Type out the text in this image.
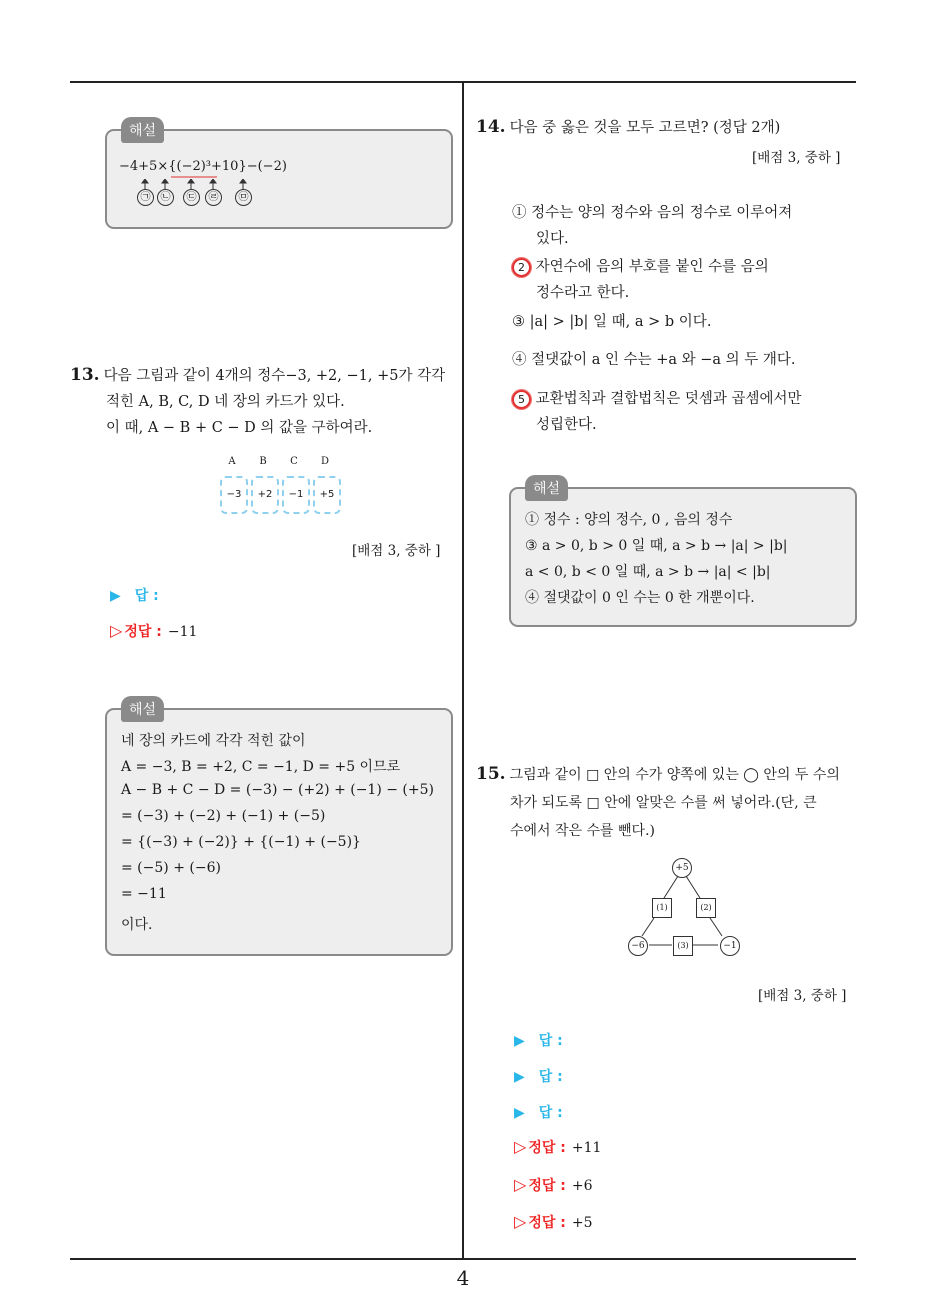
4
해설
−4+5×{(−2)³+10}−(−2)
㉠	㉡	㉢	㉣	㉤
13. 다음 그림과 같이 4개의 정수−3, +2, −1, +5가 각각
적힌 A, B, C, D 네 장의 카드가 있다.
이 때, A − B + C − D 의 값을 구하여라.
A	B	C	D
−3	+2	−1	+5
[배점 3, 중하 ]
▶ 답 :
▷ 정답 : −11
해설
네 장의 카드에 각각 적힌 값이
A = −3, B = +2, C = −1, D = +5 이므로
A − B + C − D = (−3) − (+2) + (−1) − (+5)
= (−3) + (−2) + (−1) + (−5)
= {(−3) + (−2)} + {(−1) + (−5)}
= (−5) + (−6)
= −11
이다.
14. 다음 중 옳은 것을 모두 고르면? (정답 2개)
[배점 3, 중하 ]
① 정수는 양의 정수와 음의 정수로 이루어져
있다.
2 자연수에 음의 부호를 붙인 수를 음의
정수라고 한다.
③ |a| > |b| 일 때, a > b 이다.
④ 절댓값이 a 인 수는 +a 와 −a 의 두 개다.
5 교환법칙과 결합법칙은 덧셈과 곱셈에서만
성립한다.
해설
① 정수 : 양의 정수, 0 , 음의 정수
③ a > 0, b > 0 일 때, a > b → |a| > |b|
a < 0, b < 0 일 때, a > b → |a| < |b|
④ 절댓값이 0 인 수는 0 한 개뿐이다.
15. 그림과 같이 □ 안의 수가 양쪽에 있는 ◯ 안의 두 수의
차가 되도록 □ 안에 알맞은 수를 써 넣어라.(단, 큰
수에서 작은 수를 뺀다.)
+5
−6	−1
(1)	(2)
(3)
[배점 3, 중하 ]
▶ 답 :
▶ 답 :
▶ 답 :
▷ 정답 : +11
▷ 정답 : +6
▷ 정답 : +5
